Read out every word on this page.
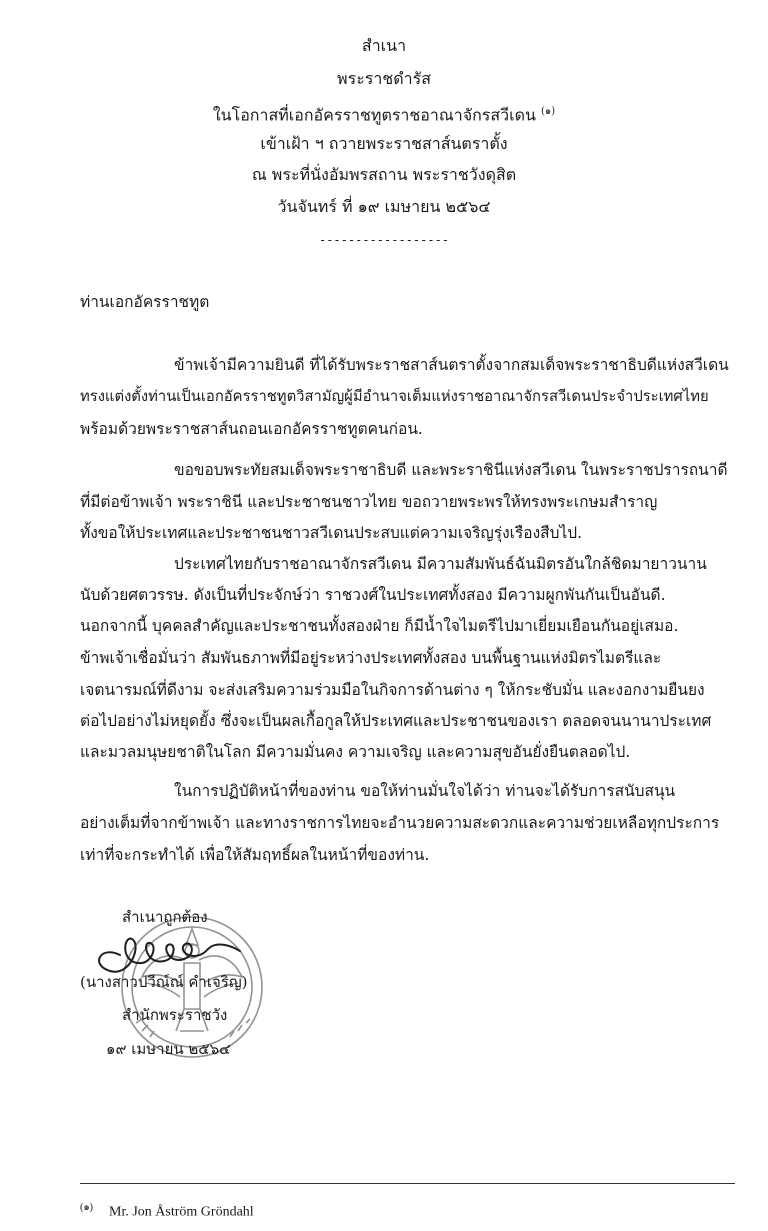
สำเนา
พระราชดำรัส
ในโอกาสที่เอกอัครราชทูตราชอาณาจักรสวีเดน $^{(๑)}$
เข้าเฝ้า ฯ ถวายพระราชสาส์นตราตั้ง
ณ พระที่นั่งอัมพรสถาน พระราชวังดุสิต
วันจันทร์ ที่ ๑๙ เมษายน ๒๕๖๔
------------------
ท่านเอกอัครราชทูต
ข้าพเจ้ามีความยินดี ที่ได้รับพระราชสาส์นตราตั้งจากสมเด็จพระราชาธิบดีแห่งสวีเดน
ทรงแต่งตั้งท่านเป็นเอกอัครราชทูตวิสามัญผู้มีอำนาจเต็มแห่งราชอาณาจักรสวีเดนประจำประเทศไทย
พร้อมด้วยพระราชสาส์นถอนเอกอัครราชทูตคนก่อน.
ขอขอบพระทัยสมเด็จพระราชาธิบดี และพระราชินีแห่งสวีเดน ในพระราชปรารถนาดี
ที่มีต่อข้าพเจ้า พระราชินี และประชาชนชาวไทย ขอถวายพระพรให้ทรงพระเกษมสำราญ
ทั้งขอให้ประเทศและประชาชนชาวสวีเดนประสบแต่ความเจริญรุ่งเรืองสืบไป.
ประเทศไทยกับราชอาณาจักรสวีเดน มีความสัมพันธ์ฉันมิตรอันใกล้ชิดมายาวนาน
นับด้วยศตวรรษ. ดังเป็นที่ประจักษ์ว่า ราชวงศ์ในประเทศทั้งสอง มีความผูกพันกันเป็นอันดี.
นอกจากนี้ บุคคลสำคัญและประชาชนทั้งสองฝ่าย ก็มีน้ำใจไมตรีไปมาเยี่ยมเยือนกันอยู่เสมอ.
ข้าพเจ้าเชื่อมั่นว่า สัมพันธภาพที่มีอยู่ระหว่างประเทศทั้งสอง บนพื้นฐานแห่งมิตรไมตรีและ
เจตนารมณ์ที่ดีงาม จะส่งเสริมความร่วมมือในกิจการด้านต่าง ๆ ให้กระชับมั่น และงอกงามยืนยง
ต่อไปอย่างไม่หยุดยั้ง ซึ่งจะเป็นผลเกื้อกูลให้ประเทศและประชาชนของเรา ตลอดจนนานาประเทศ
และมวลมนุษยชาติในโลก มีความมั่นคง ความเจริญ และความสุขอันยั่งยืนตลอดไป.
ในการปฏิบัติหน้าที่ของท่าน ขอให้ท่านมั่นใจได้ว่า ท่านจะได้รับการสนับสนุน
อย่างเต็มที่จากข้าพเจ้า และทางราชการไทยจะอำนวยความสะดวกและความช่วยเหลือทุกประการ
เท่าที่จะกระทำได้ เพื่อให้สัมฤทธิ์ผลในหน้าที่ของท่าน.
สำเนาถูกต้อง
(นางสาวปวีณ์ณ์ คำเจริญ)
สำนักพระราชวัง
๑๙ เมษายน ๒๕๖๔
$^{(๑)}$ Mr. Jon Åström Gröndahl
